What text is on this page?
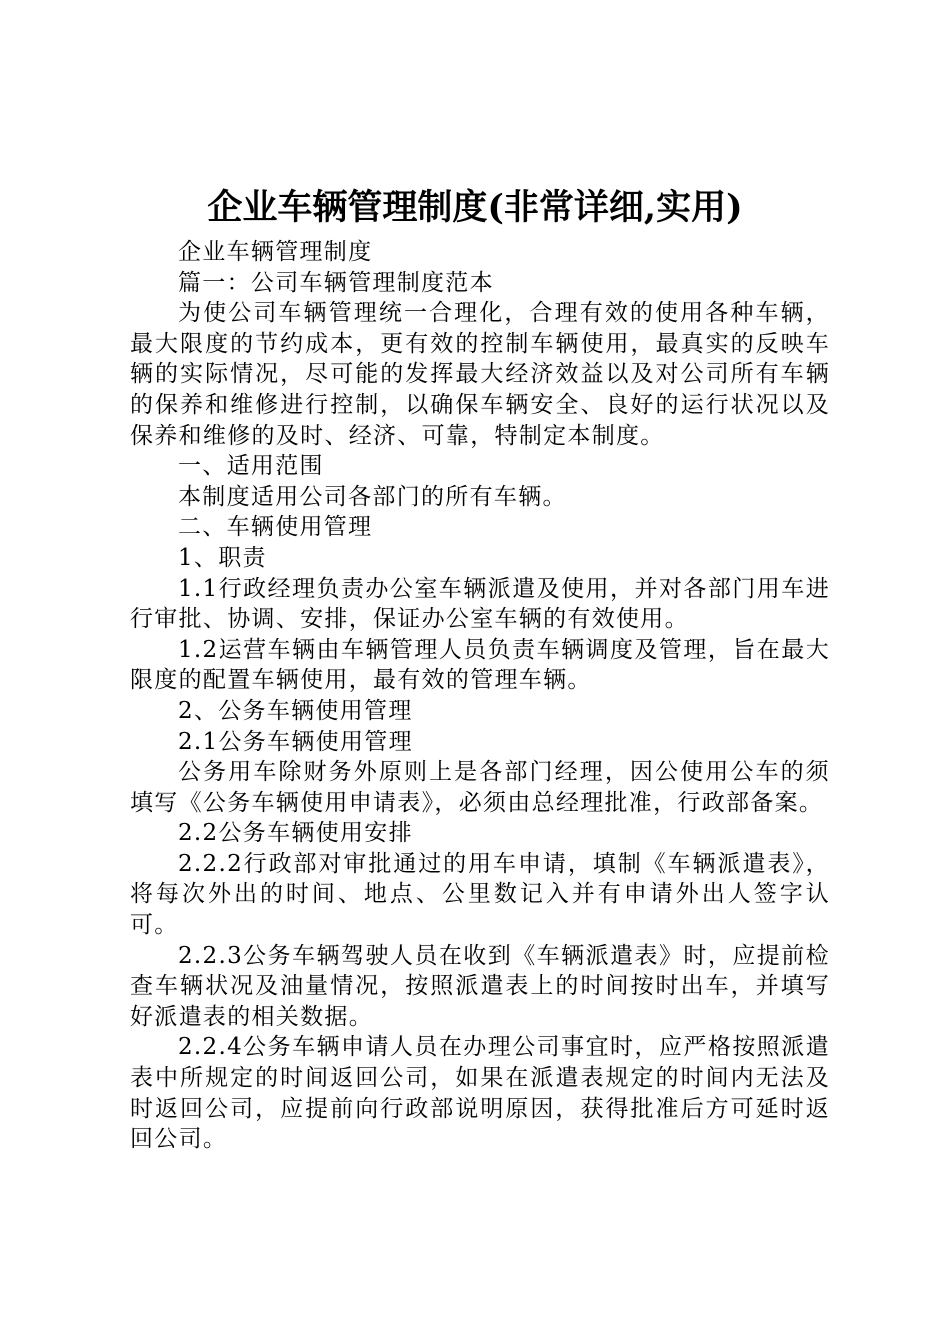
企业车辆管理制度(非常详细,实用)

企业车辆管理制度

篇一：公司车辆管理制度范本

为使公司车辆管理统一合理化，合理有效的使用各种车辆，最大限度的节约成本，更有效的控制车辆使用，最真实的反映车辆的实际情况，尽可能的发挥最大经济效益以及对公司所有车辆的保养和维修进行控制，以确保车辆安全、良好的运行状况以及保养和维修的及时、经济、可靠，特制定本制度。

一、适用范围

本制度适用公司各部门的所有车辆。

二、车辆使用管理

1、职责

1.1行政经理负责办公室车辆派遣及使用，并对各部门用车进行审批、协调、安排，保证办公室车辆的有效使用。

1.2运营车辆由车辆管理人员负责车辆调度及管理，旨在最大限度的配置车辆使用，最有效的管理车辆。

2、公务车辆使用管理

2.1公务车辆使用管理

公务用车除财务外原则上是各部门经理，因公使用公车的须填写《公务车辆使用申请表》，必须由总经理批准，行政部备案。

2.2公务车辆使用安排

2.2.2行政部对审批通过的用车申请，填制《车辆派遣表》，将每次外出的时间、地点、公里数记入并有申请外出人签字认可。

2.2.3公务车辆驾驶人员在收到《车辆派遣表》时，应提前检查车辆状况及油量情况，按照派遣表上的时间按时出车，并填写好派遣表的相关数据。

2.2.4公务车辆申请人员在办理公司事宜时，应严格按照派遣表中所规定的时间返回公司，如果在派遣表规定的时间内无法及时返回公司，应提前向行政部说明原因，获得批准后方可延时返回公司。
